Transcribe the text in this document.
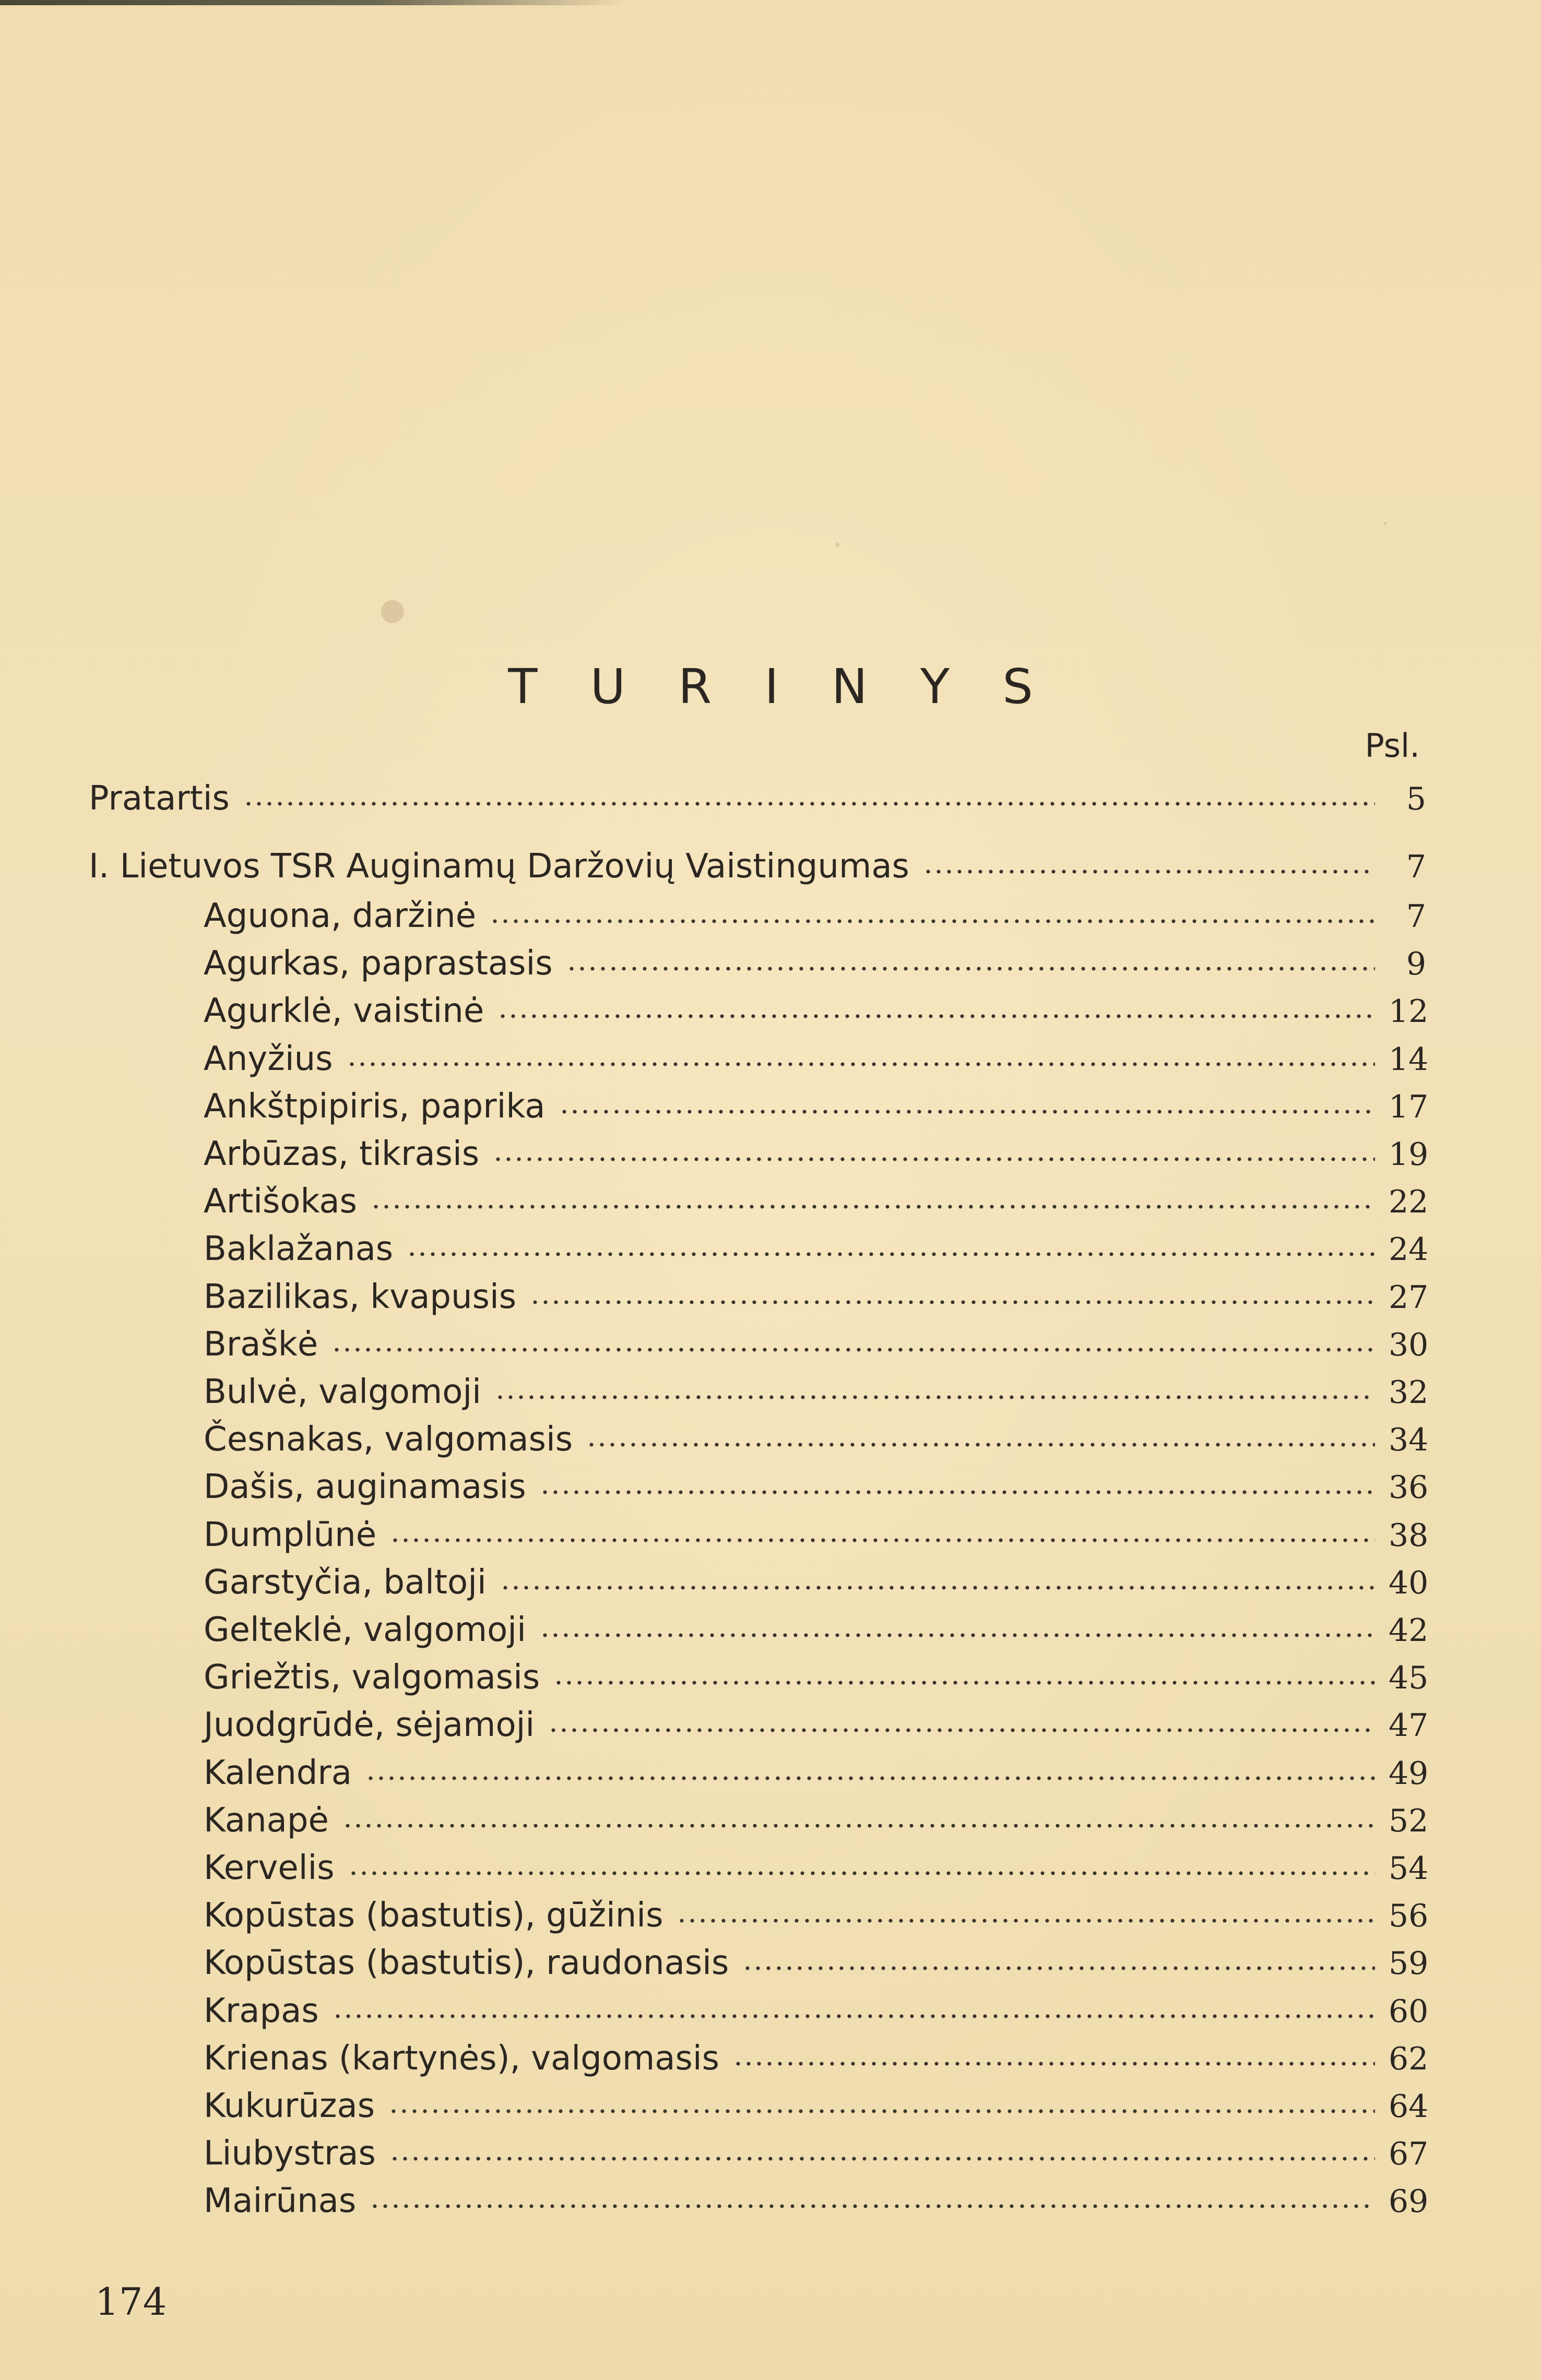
T U R I N Y S
Psl.
Pratartis	5
I. Lietuvos TSR Auginamų Daržovių Vaistingumas	7
Aguona, daržinė	7
Agurkas, paprastasis	9
Agurklė, vaistinė	12
Anyžius	14
Ankštpipiris, paprika	17
Arbūzas, tikrasis	19
Artišokas	22
Baklažanas	24
Bazilikas, kvapusis	27
Braškė	30
Bulvė, valgomoji	32
Česnakas, valgomasis	34
Dašis, auginamasis	36
Dumplūnė	38
Garstyčia, baltoji	40
Gelteklė, valgomoji	42
Griežtis, valgomasis	45
Juodgrūdė, sėjamoji	47
Kalendra	49
Kanapė	52
Kervelis	54
Kopūstas (bastutis), gūžinis	56
Kopūstas (bastutis), raudonasis	59
Krapas	60
Krienas (kartynės), valgomasis	62
Kukurūzas	64
Liubystras	67
Mairūnas	69
174
